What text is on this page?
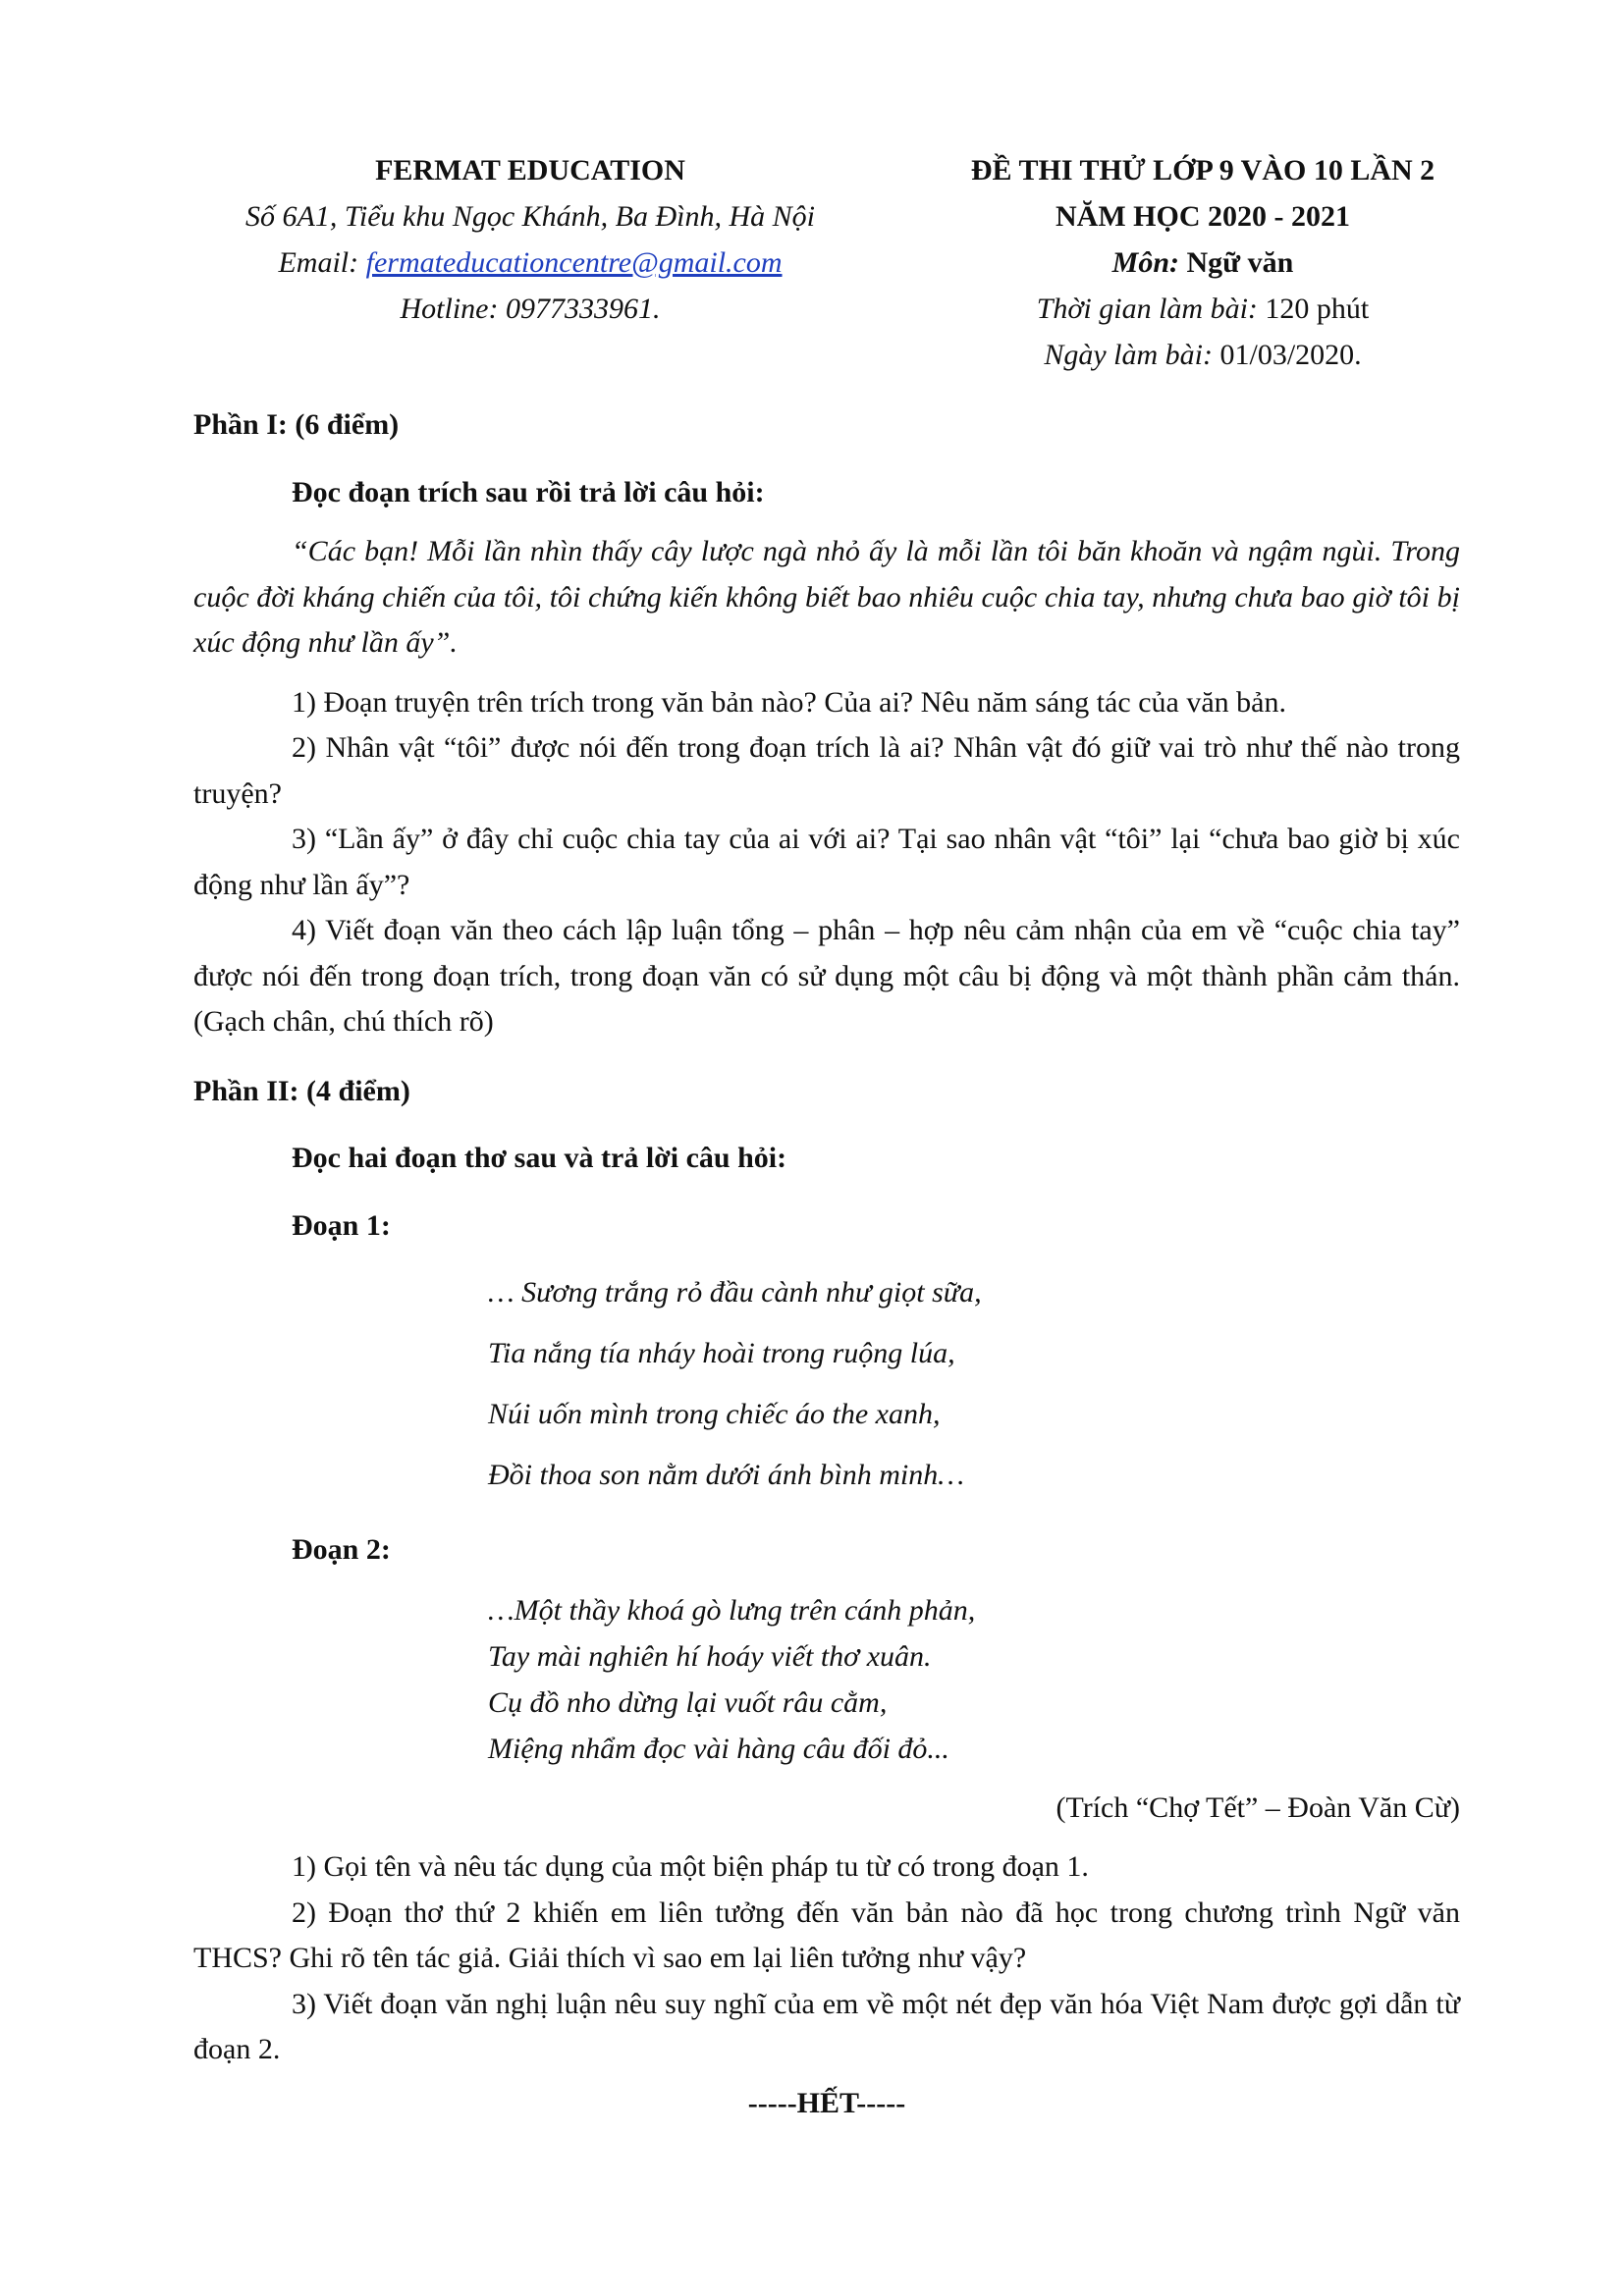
FERMAT EDUCATION
Số 6A1, Tiểu khu Ngọc Khánh, Ba Đình, Hà Nội
Email: fermateducationcentre@gmail.com
Hotline: 0977333961.
ĐỀ THI THỬ LỚP 9 VÀO 10 LẦN 2
NĂM HỌC 2020 - 2021
Môn: Ngữ văn
Thời gian làm bài: 120 phút
Ngày làm bài: 01/03/2020.

Phần I: (6 điểm)

Đọc đoạn trích sau rồi trả lời câu hỏi:

“Các bạn! Mỗi lần nhìn thấy cây lược ngà nhỏ ấy là mỗi lần tôi băn khoăn và ngậm ngùi. Trong cuộc đời kháng chiến của tôi, tôi chứng kiến không biết bao nhiêu cuộc chia tay, nhưng chưa bao giờ tôi bị xúc động như lần ấy”.

1) Đoạn truyện trên trích trong văn bản nào? Của ai? Nêu năm sáng tác của văn bản.

2) Nhân vật “tôi” được nói đến trong đoạn trích là ai? Nhân vật đó giữ vai trò như thế nào trong truyện?

3) “Lần ấy” ở đây chỉ cuộc chia tay của ai với ai? Tại sao nhân vật “tôi” lại “chưa bao giờ bị xúc động như lần ấy”?

4) Viết đoạn văn theo cách lập luận tổng – phân – hợp nêu cảm nhận của em về “cuộc chia tay” được nói đến trong đoạn trích, trong đoạn văn có sử dụng một câu bị động và một thành phần cảm thán. (Gạch chân, chú thích rõ)

Phần II: (4 điểm)

Đọc hai đoạn thơ sau và trả lời câu hỏi:

Đoạn 1:

… Sương trắng rỏ đầu cành như giọt sữa,
Tia nắng tía nháy hoài trong ruộng lúa,
Núi uốn mình trong chiếc áo the xanh,
Đồi thoa son nằm dưới ánh bình minh…

Đoạn 2:

…Một thầy khoá gò lưng trên cánh phản,
Tay mài nghiên hí hoáy viết thơ xuân.
Cụ đồ nho dừng lại vuốt râu cằm,
Miệng nhẩm đọc vài hàng câu đối đỏ...

(Trích “Chợ Tết” – Đoàn Văn Cừ)

1) Gọi tên và nêu tác dụng của một biện pháp tu từ có trong đoạn 1.

2) Đoạn thơ thứ 2 khiến em liên tưởng đến văn bản nào đã học trong chương trình Ngữ văn THCS? Ghi rõ tên tác giả. Giải thích vì sao em lại liên tưởng như vậy?

3) Viết đoạn văn nghị luận nêu suy nghĩ của em về một nét đẹp văn hóa Việt Nam được gợi dẫn từ đoạn 2.

-----HẾT-----
